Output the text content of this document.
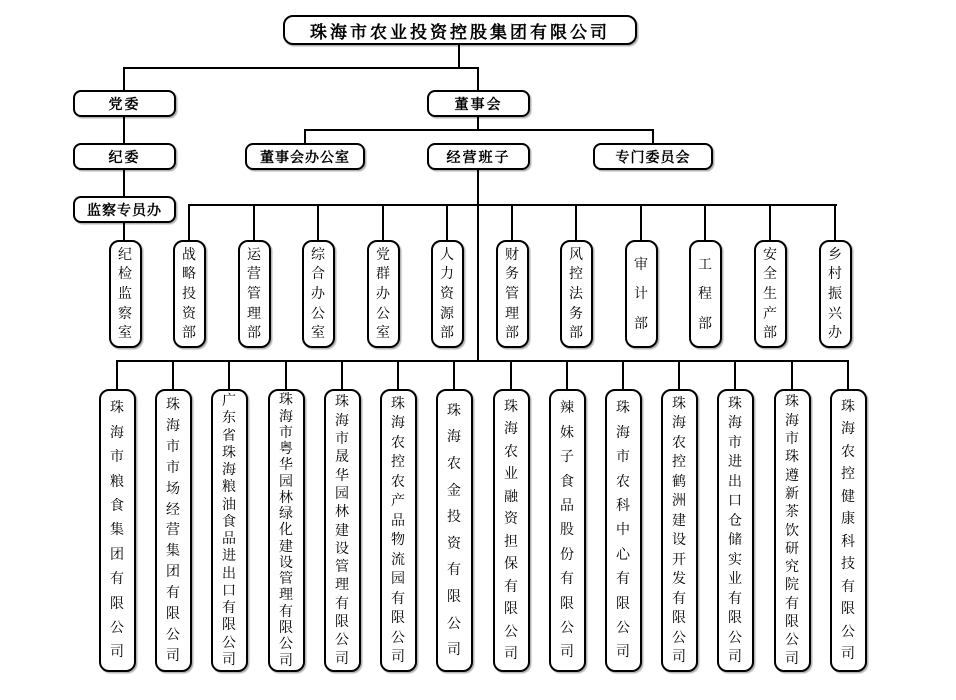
珠海市农业投资控股集团有限公司
党委
纪委
监察专员办
董事会
董事会办公室	经营班子	专门委员会
纪
检
监
察
室
战
略
投
资
部
运
营
管
理
部
综
合
办
公
室
党
群
办
公
室
人
力
资
源
部
财
务
管
理
部
风
控
法
务
部
审
计
部
工
程
部
安
全
生
产
部
乡
村
振
兴
办
珠
海
市
粮
食
集
团
有
限
公
司
珠
海
市
市
场
经
营
集
团
有
限
公
司
广
东
省
珠
海
粮
油
食
品
进
出
口
有
限
公
司
珠
海
市
粤
华
园
林
绿
化
建
设
管
理
有
限
公
司
珠
海
市
晟
华
园
林
建
设
管
理
有
限
公
司
珠
海
农
控
农
产
品
物
流
园
有
限
公
司
珠
海
农
金
投
资
有
限
公
司
珠
海
农
业
融
资
担
保
有
限
公
司
辣
妹
子
食
品
股
份
有
限
公
司
珠
海
市
农
科
中
心
有
限
公
司
珠
海
农
控
鹤
洲
建
设
开
发
有
限
公
司
珠
海
市
进
出
口
仓
储
实
业
有
限
公
司
珠
海
市
珠
遵
新
茶
饮
研
究
院
有
限
公
司
珠
海
农
控
健
康
科
技
有
限
公
司
